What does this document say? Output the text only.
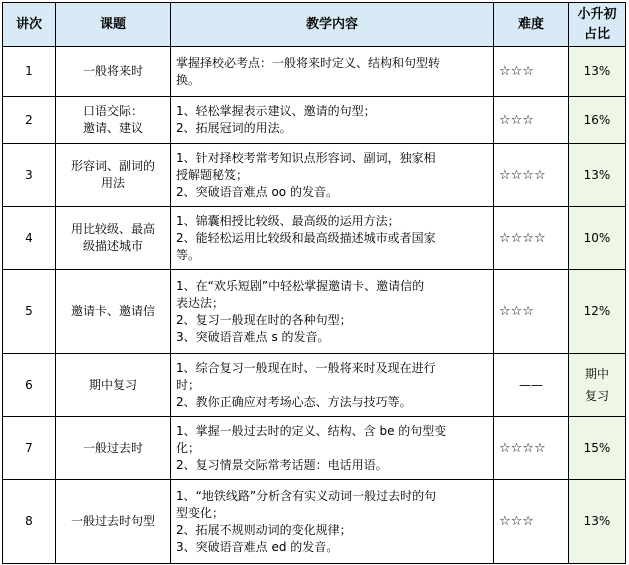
讲次	课题	教学内容	难度	小升初占比
1	一般将来时	掌握择校必考点：一般将来时定义、结构和句型转
换。	☆☆☆	13%

2	口语交际：
邀请、建议	1、轻松掌握表示建议、邀请的句型；
2、拓展冠词的用法。	☆☆☆	16%

3	形容词、副词的
用法	1、针对择校考常考知识点形容词、副词，独家相
授解题秘笈；
2、突破语音难点 oo 的发音。	☆☆☆☆	13%

4	用比较级、最高
级描述城市	1、锦囊相授比较级、最高级的运用方法；
2、能轻松运用比较级和最高级描述城市或者国家
等。	☆☆☆☆	10%

5	邀请卡、邀请信	1、在“欢乐短剧”中轻松掌握邀请卡、邀请信的
表达法；
2、复习一般现在时的各种句型；
3、突破语音难点 s 的发音。	☆☆☆	12%

6	期中复习	1、综合复习一般现在时、一般将来时及现在进行
时；
2、教你正确应对考场心态、方法与技巧等。	——	期中
复习

7	一般过去时	1、掌握一般过去时的定义、结构、含 be 的句型变
化；
2、复习情景交际常考话题：电话用语。	☆☆☆☆	15%

8	一般过去时句型	1、“地铁线路”分析含有实义动词一般过去时的句
型变化；
2、拓展不规则动词的变化规律；
3、突破语音难点 ed 的发音。	☆☆☆	13%
